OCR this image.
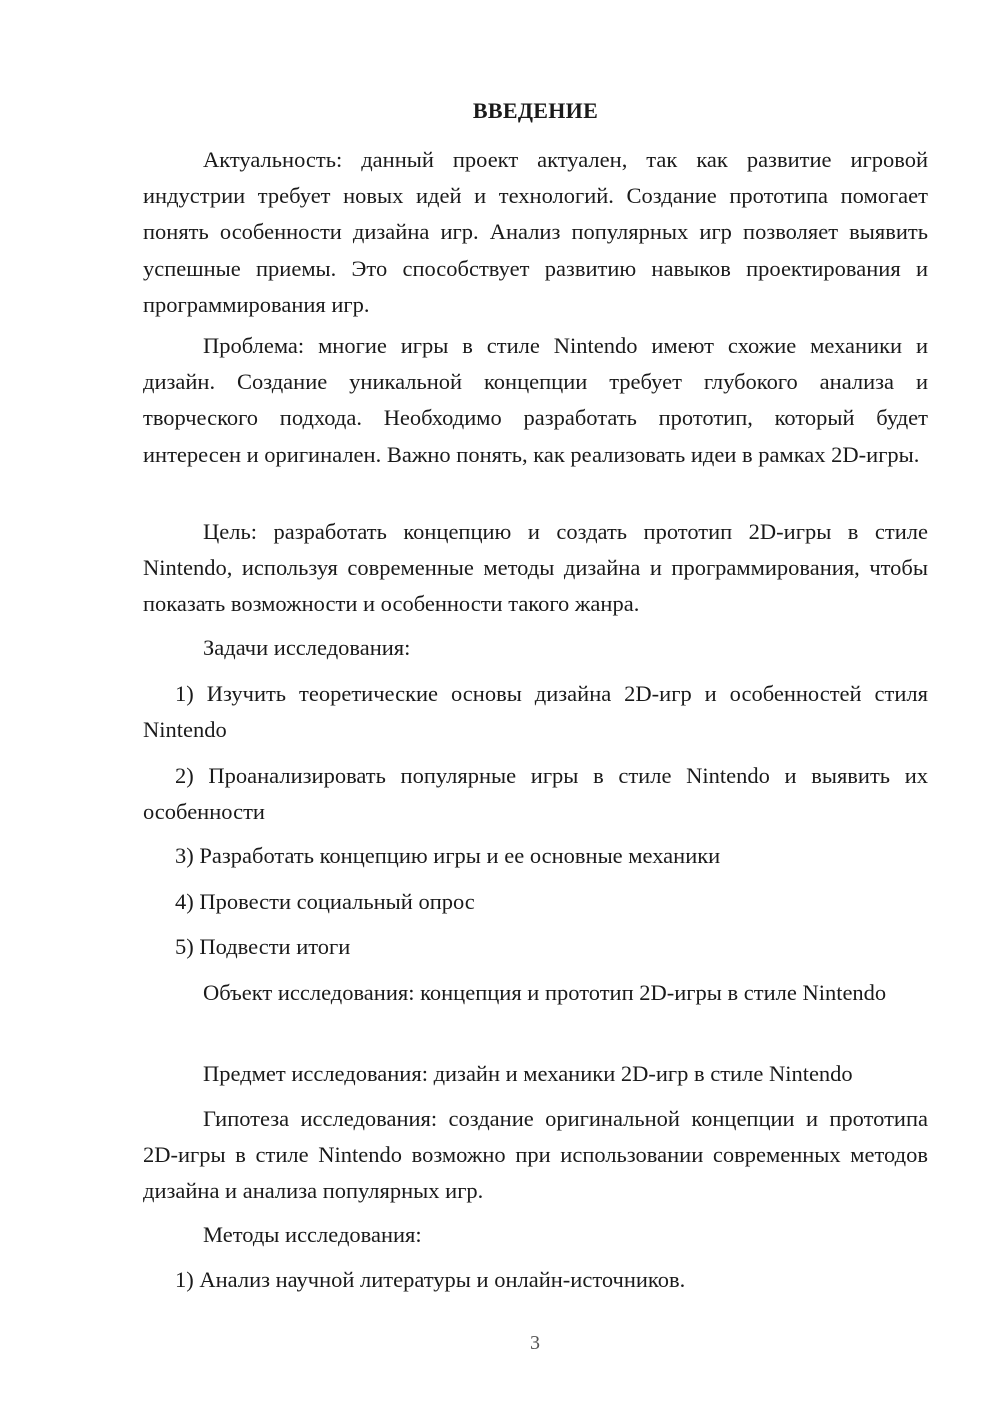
ВВЕДЕНИЕ

Актуальность: данный проект актуален, так как развитие игровой индустрии требует новых идей и технологий. Создание прототипа помогает понять особенности дизайна игр. Анализ популярных игр позволяет выявить успешные приемы. Это способствует развитию навыков проектирования и программирования игр.

Проблема: многие игры в стиле Nintendo имеют схожие механики и дизайн. Создание уникальной концепции требует глубокого анализа и творческого подхода. Необходимо разработать прототип, который будет интересен и оригинален. Важно понять, как реализовать идеи в рамках 2D-игры.

Цель: разработать концепцию и создать прототип 2D-игры в стиле Nintendo, используя современные методы дизайна и программирования, чтобы показать возможности и особенности такого жанра.

Задачи исследования:

1) Изучить теоретические основы дизайна 2D-игр и особенностей стиля Nintendo

2) Проанализировать популярные игры в стиле Nintendo и выявить их особенности

3) Разработать концепцию игры и ее основные механики

4) Провести социальный опрос

5) Подвести итоги

Объект исследования: концепция и прототип 2D-игры в стиле Nintendo

Предмет исследования: дизайн и механики 2D-игр в стиле Nintendo

Гипотеза исследования: создание оригинальной концепции и прототипа 2D-игры в стиле Nintendo возможно при использовании современных методов дизайна и анализа популярных игр.

Методы исследования:

1) Анализ научной литературы и онлайн-источников.

3
